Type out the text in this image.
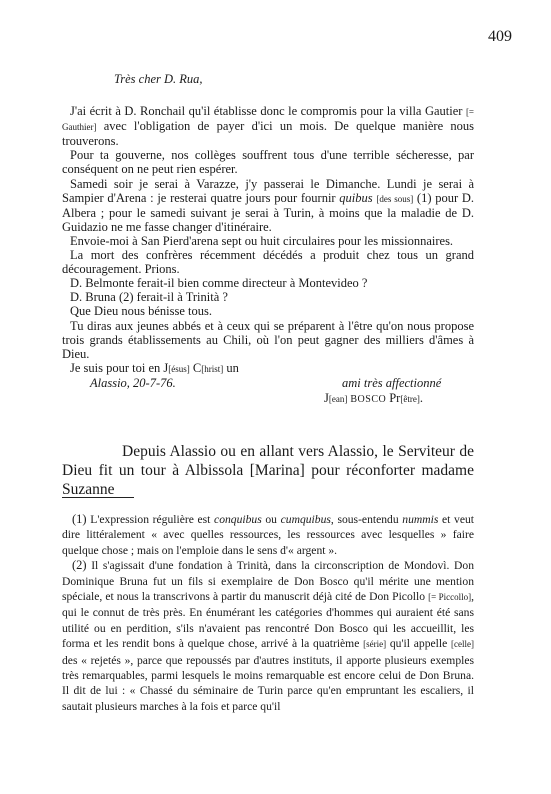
409

Très cher D. Rua,

J'ai écrit à D. Ronchail qu'il établisse donc le compromis pour la villa Gautier [= Gauthier] avec l'obligation de payer d'ici un mois. De quelque manière nous trouverons.

Pour ta gouverne, nos collèges souffrent tous d'une terrible sécheresse, par conséquent on ne peut rien espérer.

Samedi soir je serai à Varazze, j'y passerai le Dimanche. Lundi je serai à Sampier d'Arena : je resterai quatre jours pour fournir quibus [des sous] (1) pour D. Albera ; pour le samedi suivant je serai à Turin, à moins que la maladie de D. Guidazio ne me fasse changer d'itinéraire.

Envoie-moi à San Pierd'arena sept ou huit circulaires pour les missionnaires.

La mort des confrères récemment décédés a produit chez tous un grand découragement. Prions.

D. Belmonte ferait-il bien comme directeur à Montevideo ?

D. Bruna (2) ferait-il à Trinità ?

Que Dieu nous bénisse tous.

Tu diras aux jeunes abbés et à ceux qui se préparent à l'être qu'on nous propose trois grands établissements au Chili, où l'on peut gagner des milliers d'âmes à Dieu.

Je suis pour toi en J[ésus] C[hrist] un

Alassio, 20-7-76.	ami très affectionné
J[ean] BOSCO Pr[être].

Depuis Alassio ou en allant vers Alassio, le Serviteur de Dieu fit un tour à Albissola [Marina] pour réconforter madame Suzanne

(1) L'expression régulière est conquibus ou cumquibus, sous-entendu nummis et veut dire littéralement « avec quelles ressources, les ressources avec lesquelles » faire quelque chose ; mais on l'emploie dans le sens d'« argent ».

(2) Il s'agissait d'une fondation à Trinità, dans la circonscription de Mondovì. Don Dominique Bruna fut un fils si exemplaire de Don Bosco qu'il mérite une mention spéciale, et nous la transcrivons à partir du manuscrit déjà cité de Don Picollo [= Piccollo], qui le connut de très près. En énumérant les catégories d'hommes qui auraient été sans utilité ou en perdition, s'ils n'avaient pas rencontré Don Bosco qui les accueillit, les forma et les rendit bons à quelque chose, arrivé à la quatrième [série] qu'il appelle [celle] des « rejetés », parce que repoussés par d'autres instituts, il apporte plusieurs exemples très remarquables, parmi lesquels le moins remarquable est encore celui de Don Bruna. Il dit de lui : « Chassé du séminaire de Turin parce qu'en empruntant les escaliers, il sautait plusieurs marches à la fois et parce qu'il
